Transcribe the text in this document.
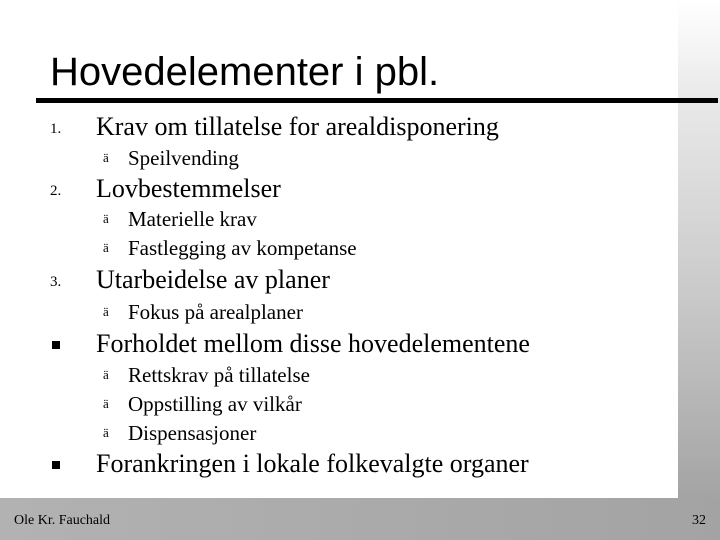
Hovedelementer i pbl.
1. Krav om tillatelse for arealdisponering
ä Speilvending
2. Lovbestemmelser
ä Materielle krav
ä Fastlegging av kompetanse
3. Utarbeidelse av planer
ä Fokus på arealplaner
Forholdet mellom disse hovedelementene
ä Rettskrav på tillatelse
ä Oppstilling av vilkår
ä Dispensasjoner
Forankringen i lokale folkevalgte organer
Ole Kr. Fauchald	32
